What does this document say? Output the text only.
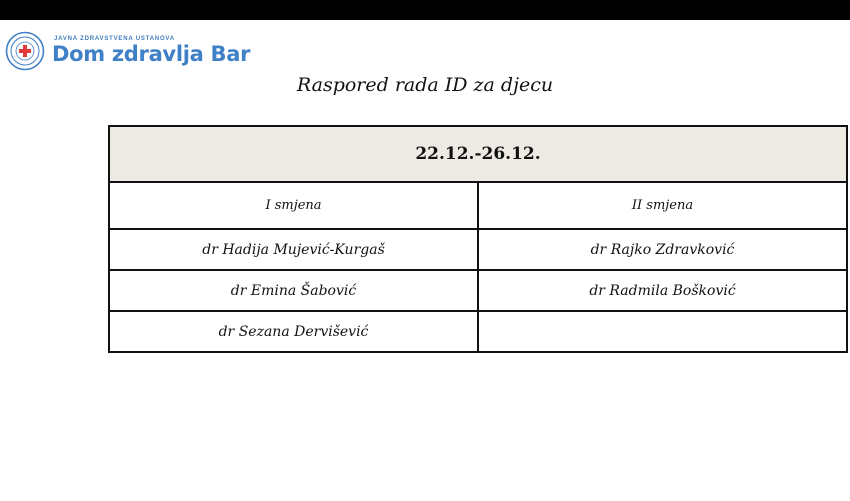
JAVNA ZDRAVSTVENA USTANOVA
Dom zdravlja Bar
Raspored rada ID za djecu
22.12.-26.12.	
I smjena	II smjena
dr Hadija Mujević-Kurgaš	dr Rajko Zdravković
dr Emina Šabović	dr Radmila Bošković
dr Sezana Dervišević	
